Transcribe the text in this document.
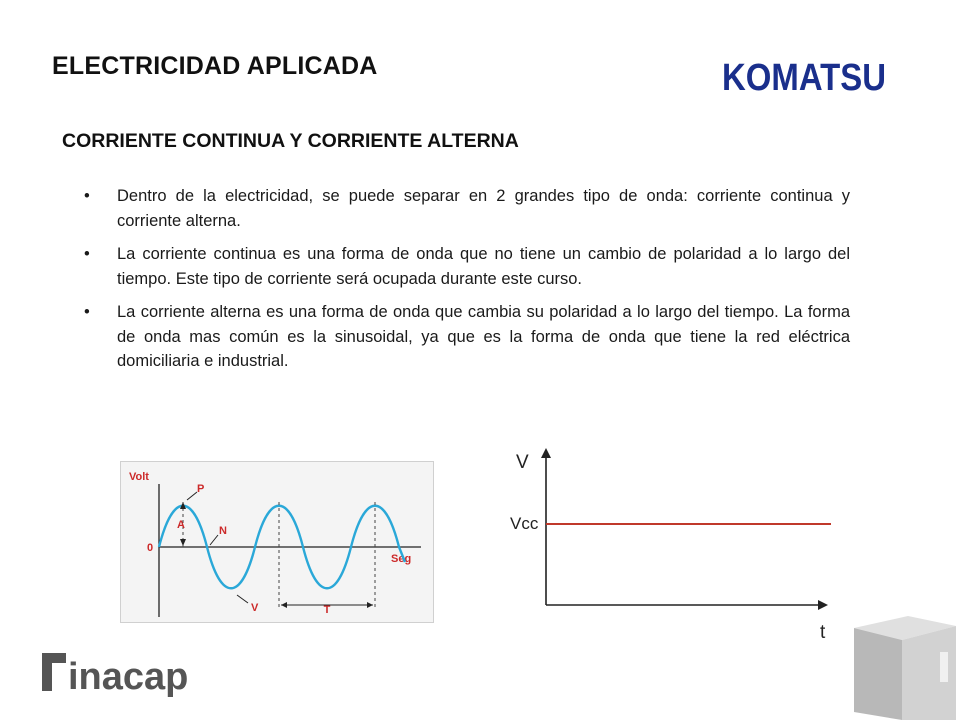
ELECTRICIDAD APLICADA	KOMATSU
CORRIENTE CONTINUA Y CORRIENTE ALTERNA
• Dentro de la electricidad, se puede separar en 2 grandes tipo de onda: corriente continua y corriente alterna.
• La corriente continua es una forma de onda que no tiene un cambio de polaridad a lo largo del tiempo. Este tipo de corriente será ocupada durante este curso.
• La corriente alterna es una forma de onda que cambia su polaridad a lo largo del tiempo. La forma de onda mas común es la sinusoidal, ya que es la forma de onda que tiene la red eléctrica domiciliaria e industrial.
Volt
Seg
0
T
A
P
N
V
V
Vcc
t
inacap
